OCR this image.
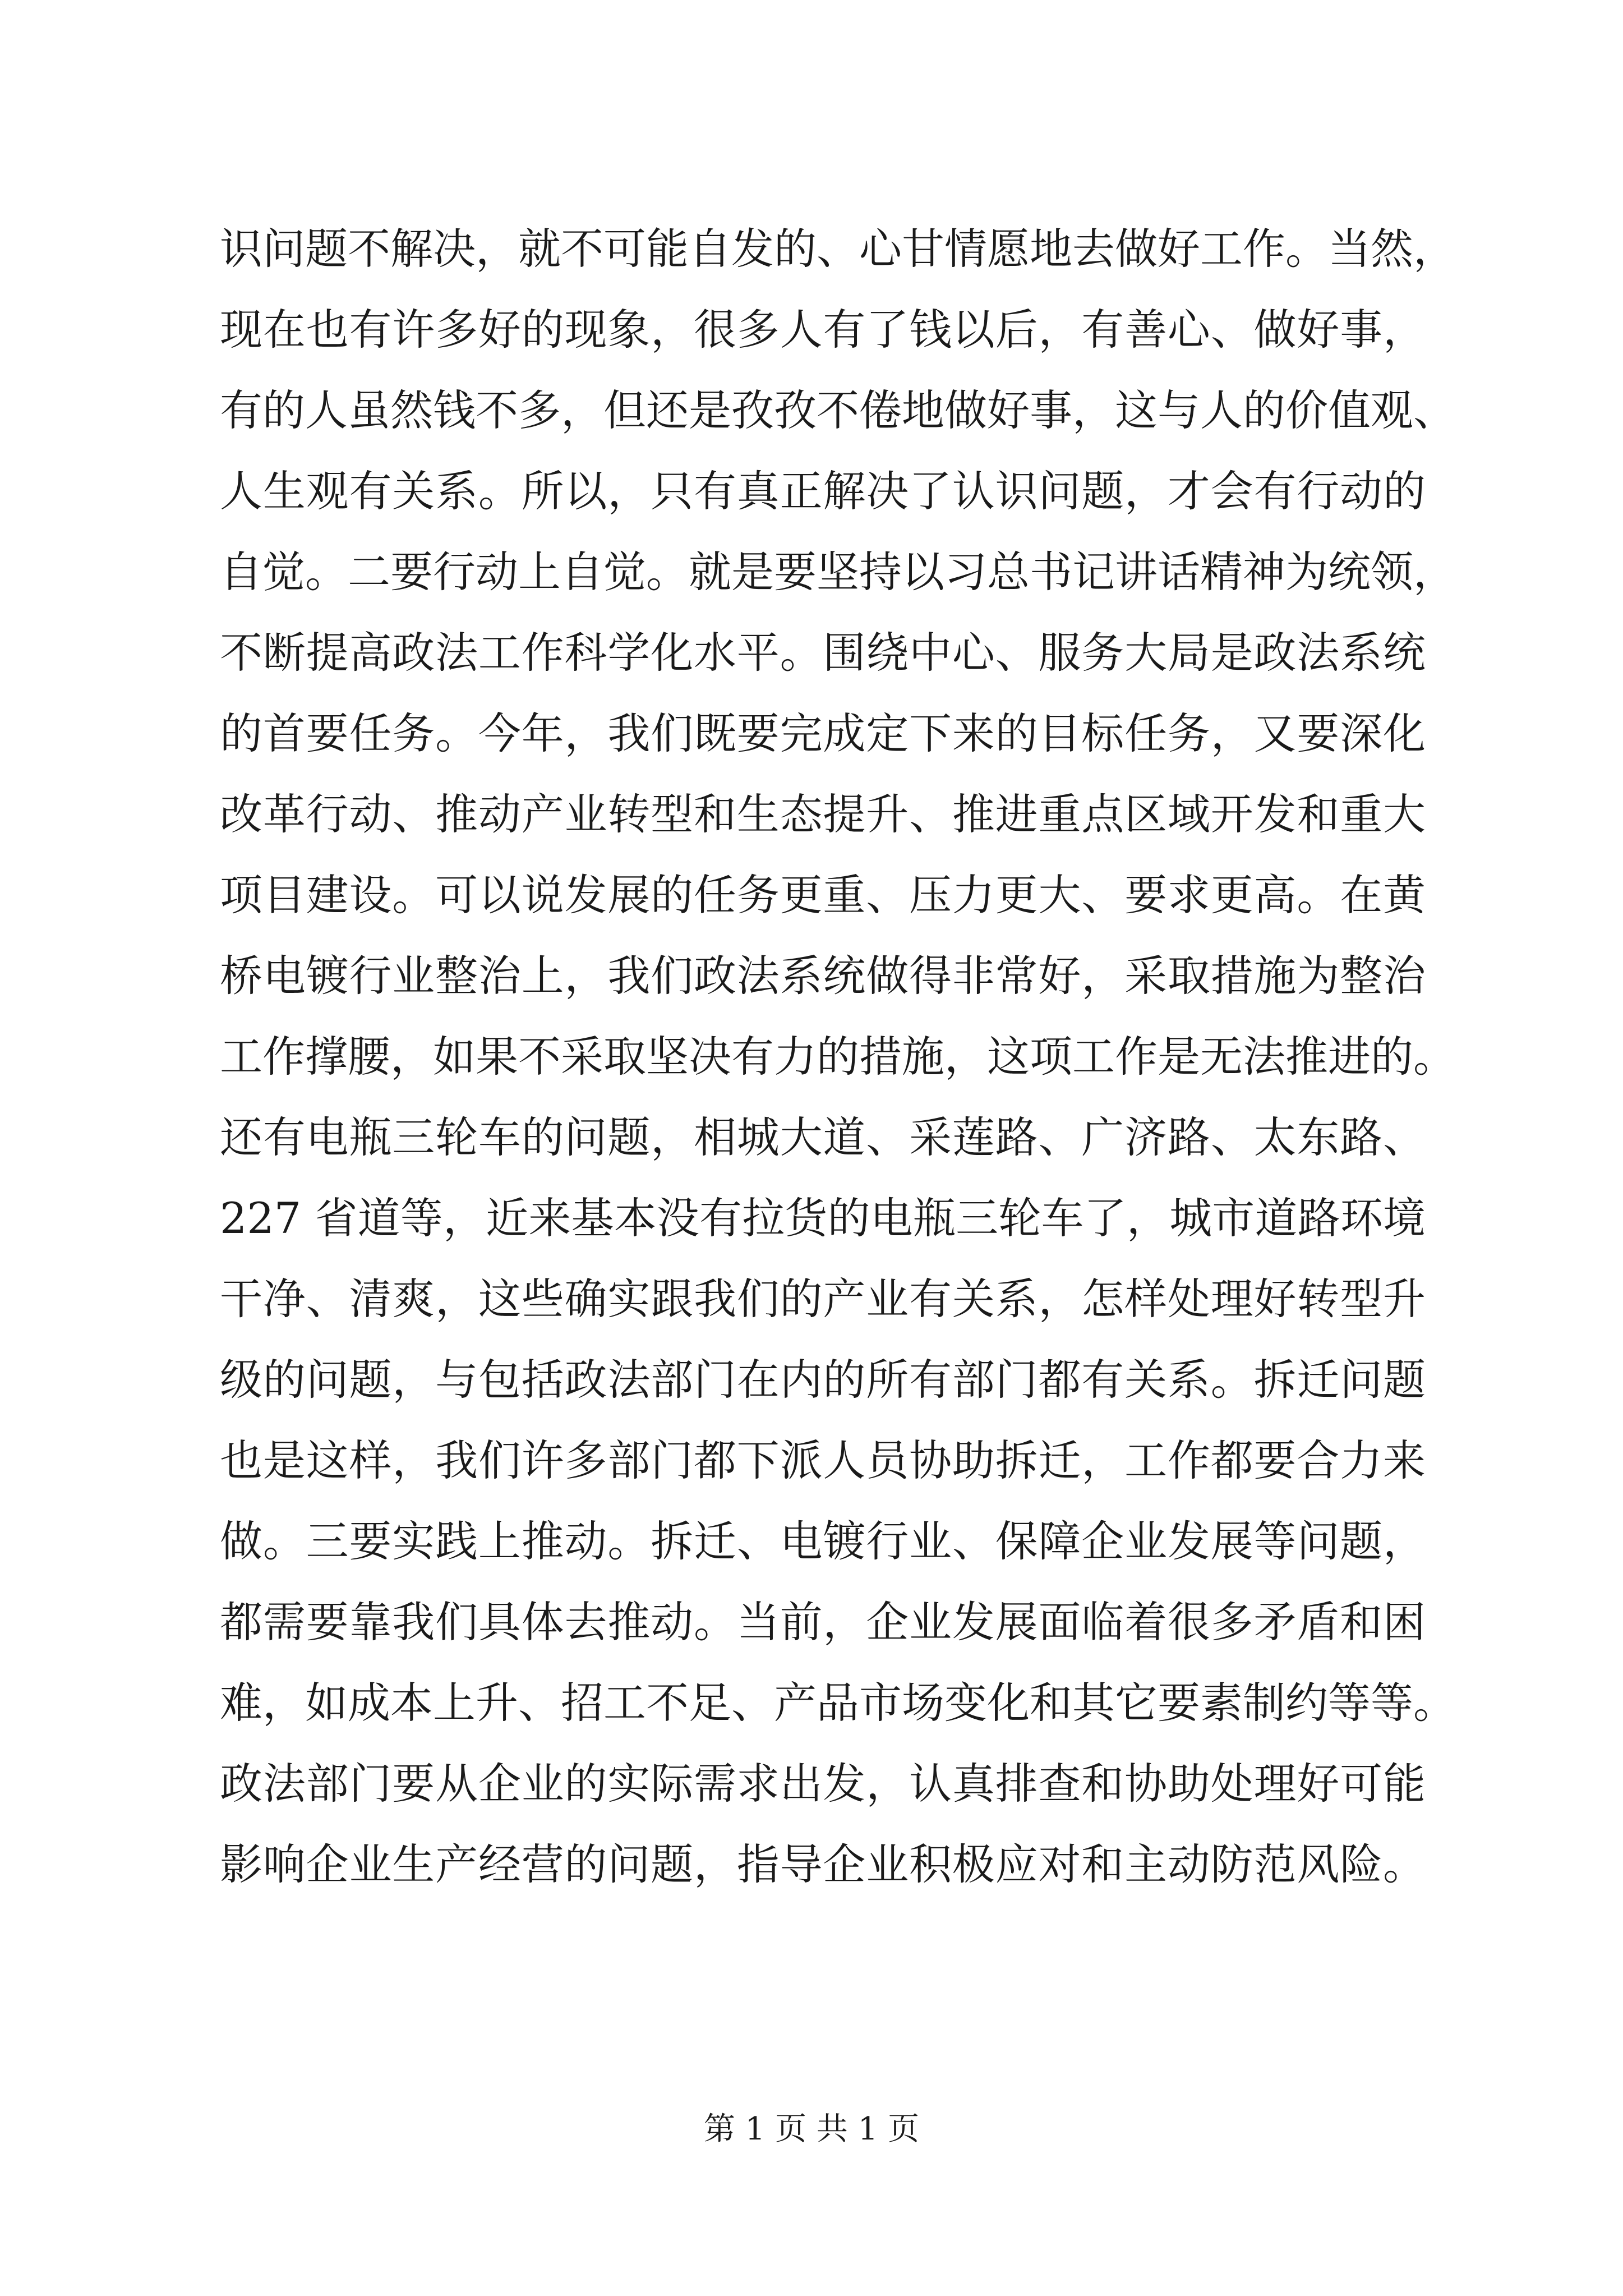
识问题不解决，就不可能自发的、心甘情愿地去做好工作。当然，
现在也有许多好的现象，很多人有了钱以后，有善心、做好事，
有的人虽然钱不多，但还是孜孜不倦地做好事，这与人的价值观、
人生观有关系。所以，只有真正解决了认识问题，才会有行动的
自觉。二要行动上自觉。就是要坚持以习总书记讲话精神为统领，
不断提高政法工作科学化水平。围绕中心、服务大局是政法系统
的首要任务。今年，我们既要完成定下来的目标任务，又要深化
改革行动、推动产业转型和生态提升、推进重点区域开发和重大
项目建设。可以说发展的任务更重、压力更大、要求更高。在黄
桥电镀行业整治上，我们政法系统做得非常好，采取措施为整治
工作撑腰，如果不采取坚决有力的措施，这项工作是无法推进的。
还有电瓶三轮车的问题，相城大道、采莲路、广济路、太东路、
227 省道等，近来基本没有拉货的电瓶三轮车了，城市道路环境
干净、清爽，这些确实跟我们的产业有关系，怎样处理好转型升
级的问题，与包括政法部门在内的所有部门都有关系。拆迁问题
也是这样，我们许多部门都下派人员协助拆迁，工作都要合力来
做。三要实践上推动。拆迁、电镀行业、保障企业发展等问题，
都需要靠我们具体去推动。当前，企业发展面临着很多矛盾和困
难，如成本上升、招工不足、产品市场变化和其它要素制约等等。
政法部门要从企业的实际需求出发，认真排查和协助处理好可能
影响企业生产经营的问题，指导企业积极应对和主动防范风险。
第 1 页 共 1 页
